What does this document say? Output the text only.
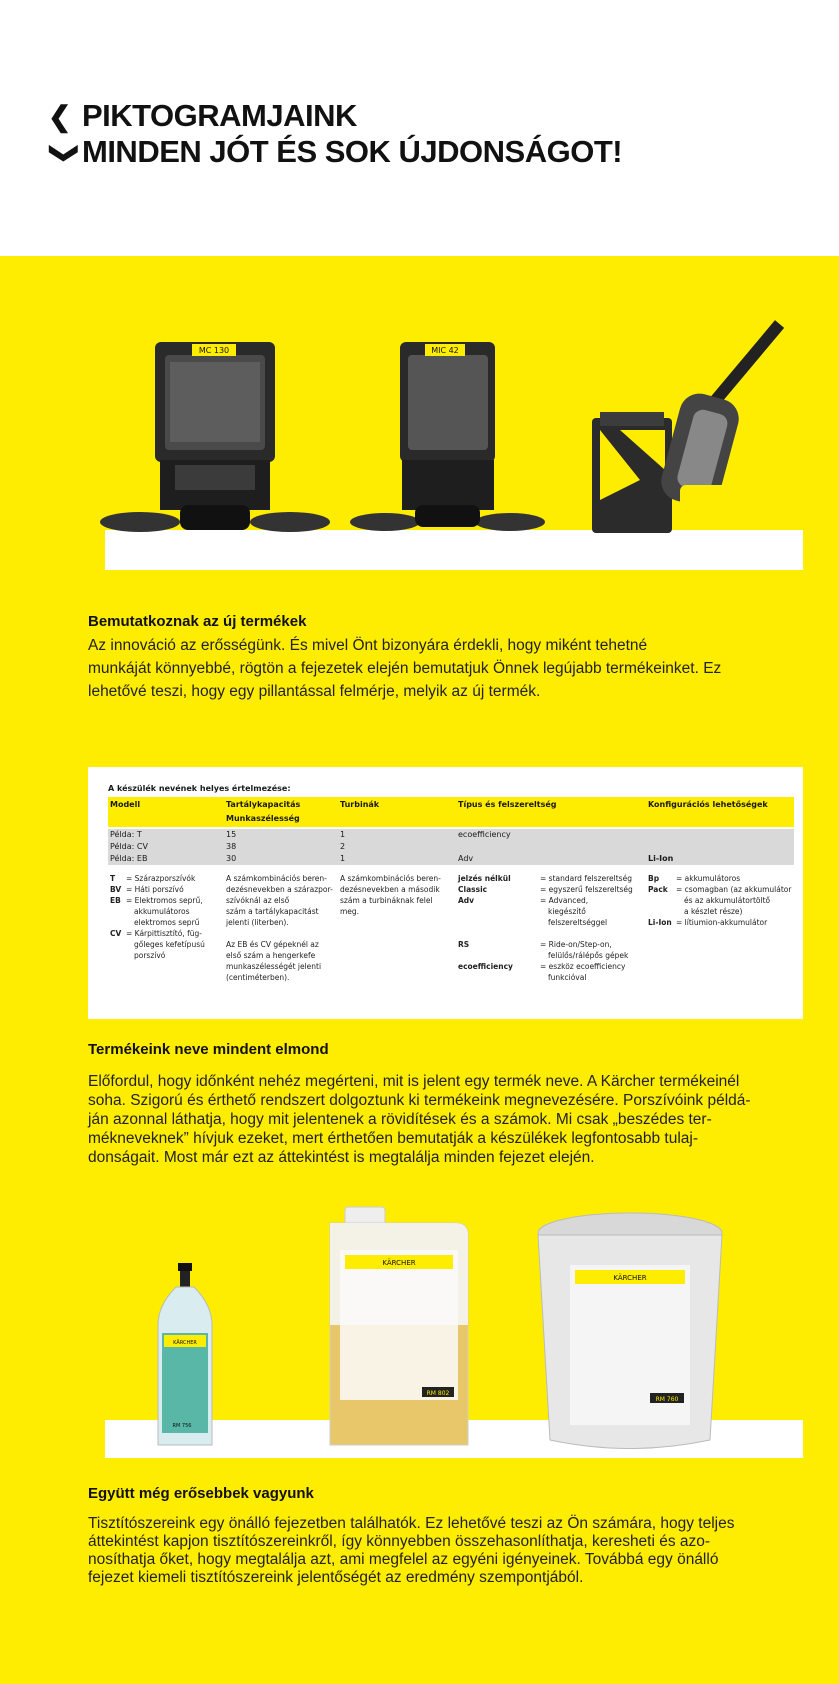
❮ PIKTOGRAMJAINK
❯MINDEN JÓT ÉS SOK ÚJDONSÁGOT!
MC 130	MIC 42
Bemutatkoznak az új termékek
Az innováció az erősségünk. És mivel Önt bizonyára érdekli, hogy miként tehetné
munkáját könnyebbé, rögtön a fejezetek elején bemutatjuk Önnek legújabb termékeinket. Ez
lehetővé teszi, hogy egy pillantással felmérje, melyik az új termék.
A készülék nevének helyes értelmezése:
Modell	Tartálykapacitás
Munkaszélesség
Turbinák	Típus és felszereltség	Konfigurációs lehetőségek
Példa: T	15	1	ecoefficiency
Példa: CV	38	2
Példa: EB	30	1	Adv	Li-Ion
T = Szárazporszívók
BV = Háti porszívó
EB = Elektromos seprű,
akkumulátoros
elektromos seprű
CV = Kárpittisztító, füg-
gőleges kefetípusú
porszívó
A számkombinációs beren-
dezésnevekben a szárazpor-
szívóknál az első
szám a tartálykapacitást
jelenti (literben).
Az EB és CV gépeknél az
első szám a hengerkefe
munkaszélességét jelenti
(centiméterben).
A számkombinációs beren-
dezésnevekben a második
szám a turbináknak felel
meg.
jelzés nélkül	= standard felszereltség
Classic	= egyszerű felszereltség
Adv	= Advanced,
kiegészítő
felszereltséggel
RS	= Ride-on/Step-on,
felülős/rálépős gépek
ecoefficiency	= eszköz ecoefficiency
funkcióval
Bp = akkumulátoros
Pack = csomagban (az akkumulátor
és az akkumulátortöltő
a készlet része)
Li-Ion = lítiumion-akkumulátor
Termékeink neve mindent elmond
Előfordul, hogy időnként nehéz megérteni, mit is jelent egy termék neve. A Kärcher termékeinél
soha. Szigorú és érthető rendszert dolgoztunk ki termékeink megnevezésére. Porszívóink példá-
ján azonnal láthatja, hogy mit jelentenek a rövidítések és a számok. Mi csak „beszédes ter-
mékneveknek” hívjuk ezeket, mert érthetően bemutatják a készülékek legfontosabb tulaj-
donságait. Most már ezt az áttekintést is megtalálja minden fejezet elején.
KÄRCHER
RM 756
KÄRCHER
RM 802
KÄRCHER
RM 760
Együtt még erősebbek vagyunk
Tisztítószereink egy önálló fejezetben találhatók. Ez lehetővé teszi az Ön számára, hogy teljes
áttekintést kapjon tisztítószereinkről, így könnyebben összehasonlíthatja, keresheti és azo-
nosíthatja őket, hogy megtalálja azt, ami megfelel az egyéni igényeinek. Továbbá egy önálló
fejezet kiemeli tisztítószereink jelentőségét az eredmény szempontjából.
